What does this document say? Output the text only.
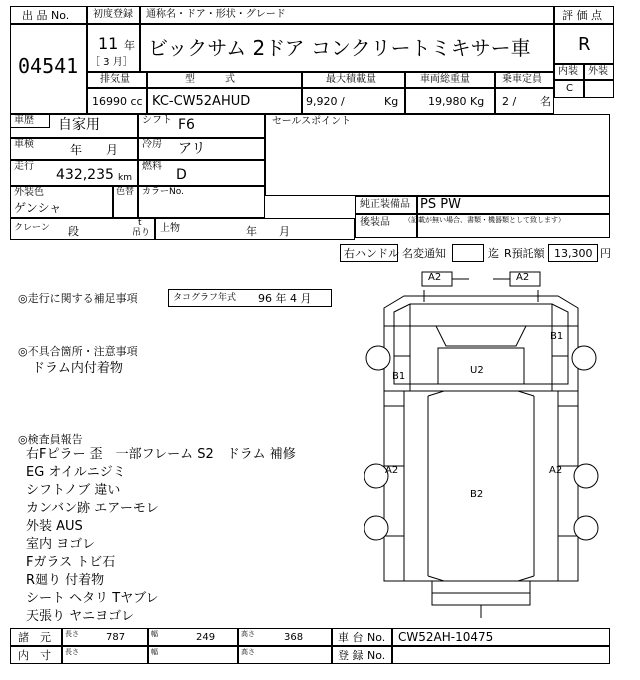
出 品 No.
04541
初度登録 通称名・ドア・形状・グレード
11 年
［ 3 月］
ビックサム 2ドア コンクリートミキサー車
評 価 点
R
内装 外装
C
排気量	型　　　式	最大積載量	車両総重量	乗車定員
16990 cc KC-CW52AHUD	9,920 /	Kg	19,980 Kg 2 / 名
セールスポイント
車歴 自家用	シフト F6
車検	年　　月 冷房 アリ
走行
432,235 km
燃料
D
外装色
ゲンシャ
色替 カラーNo.
純正装備品 PS PW
後装品 （記載が無い場合、書類・機器類として致します）
クレーン 段
t
吊り 上物	年　　月
右ハンドル 名変通知	迄 R預託額 13,300 円
◎走行に関する補足事項	タコグラフ年式 96 年 4 月
◎不具合箇所・注意事項
ドラム内付着物
◎検査員報告
右Fピラー 歪　一部フレーム S2　ドラム 補修
EG オイルニジミ
シフトノブ 違い
カンバン跡 エアーモレ
外装 AUS
室内 ヨゴレ
Fガラス トビ石
R廻り 付着物
シート ヘタリ Tヤブレ
天張り ヤニヨゴレ
A2	A2
B1
B1
U2
A2	A2
B2
諸　元 長さ	787	幅	249	高さ	368	車 台 No. CW52AH-10475
内　寸 長さ	幅	高さ	登 録 No.
